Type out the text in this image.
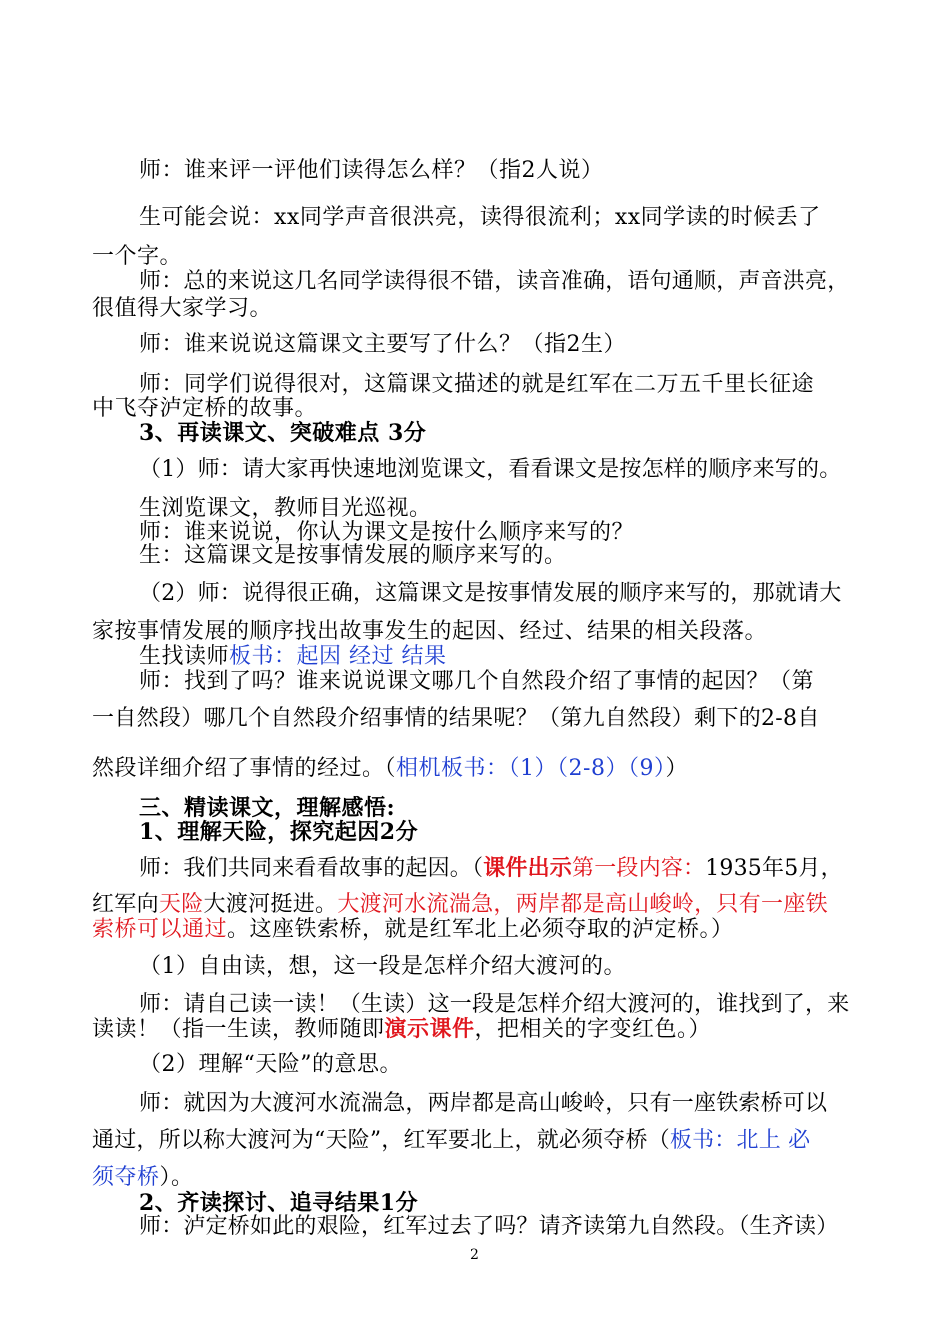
师：谁来评一评他们读得怎么样？（指2人说）
生可能会说：xx同学声音很洪亮，读得很流利；xx同学读的时候丢了
一个字。
师：总的来说这几名同学读得很不错，读音准确，语句通顺，声音洪亮，
很值得大家学习。
师：谁来说说这篇课文主要写了什么？（指2生）
师：同学们说得很对，这篇课文描述的就是红军在二万五千里长征途
中飞夺泸定桥的故事。
3、再读课文、突破难点 3分
（1）师：请大家再快速地浏览课文，看看课文是按怎样的顺序来写的。
生浏览课文，教师目光巡视。
师：谁来说说，你认为课文是按什么顺序来写的？
生：这篇课文是按事情发展的顺序来写的。
（2）师：说得很正确，这篇课文是按事情发展的顺序来写的，那就请大
家按事情发展的顺序找出故事发生的起因、经过、结果的相关段落。
生找读师板书：起因 经过 结果
师：找到了吗？谁来说说课文哪几个自然段介绍了事情的起因？（第
一自然段）哪几个自然段介绍事情的结果呢？（第九自然段）剩下的2-8自
然段详细介绍了事情的经过。（相机板书：（1）（2-8）（9））
三、精读课文，理解感悟:
1、理解天险，探究起因2分
师：我们共同来看看故事的起因。（课件出示第一段内容：1935年5月，
红军向天险大渡河挺进。大渡河水流湍急，两岸都是高山峻岭，只有一座铁
索桥可以通过。这座铁索桥，就是红军北上必须夺取的泸定桥。）
（1）自由读，想，这一段是怎样介绍大渡河的。
师：请自己读一读！（生读）这一段是怎样介绍大渡河的，谁找到了，来
读读！（指一生读，教师随即演示课件，把相关的字变红色。）
（2）理解“天险”的意思。
师：就因为大渡河水流湍急，两岸都是高山峻岭，只有一座铁索桥可以
通过，所以称大渡河为“天险”，红军要北上，就必须夺桥（板书：北上 必
须夺桥）。
2、齐读探讨、追寻结果1分
师：泸定桥如此的艰险，红军过去了吗？请齐读第九自然段。（生齐读）
2
